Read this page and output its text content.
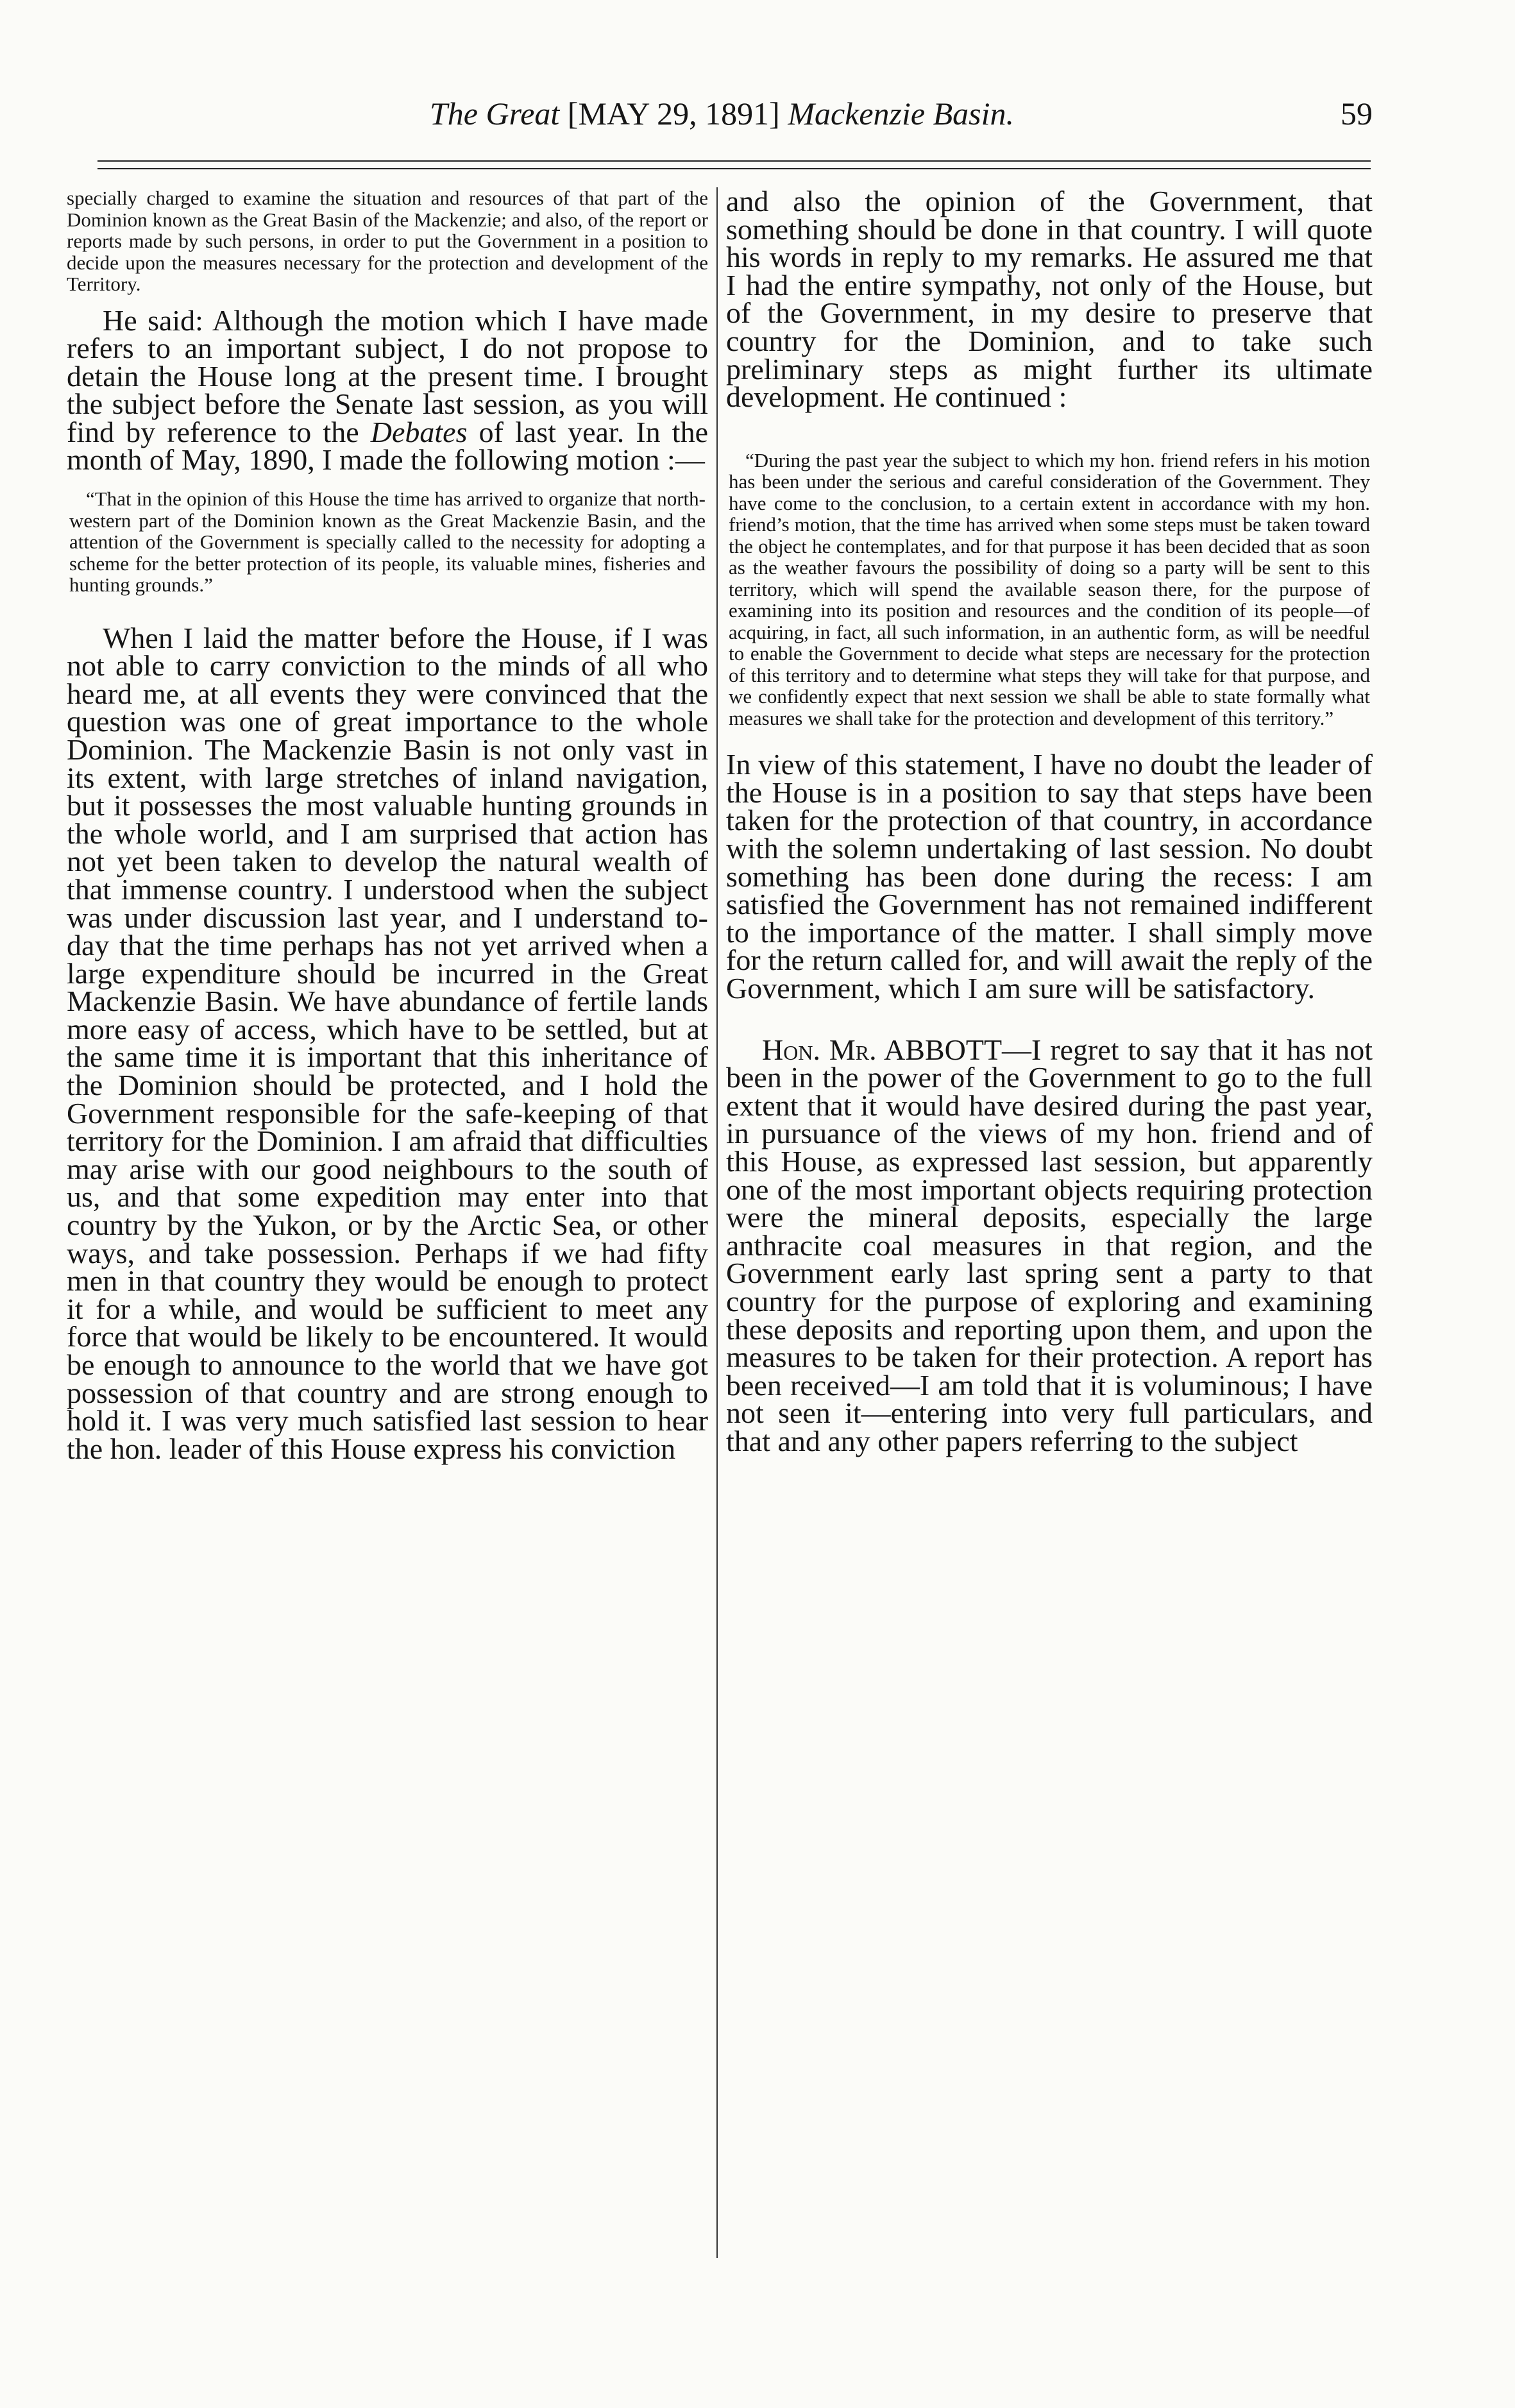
The Great [MAY 29, 1891] Mackenzie Basin.	59

specially charged to examine the situation and resources of that part of the Dominion known as the Great Basin of the Mackenzie; and also, of the report or reports made by such persons, in order to put the Government in a position to decide upon the measures necessary for the protection and development of the Territory.

He said: Although the motion which I have made refers to an important subject, I do not propose to detain the House long at the present time. I brought the subject before the Senate last session, as you will find by reference to the Debates of last year. In the month of May, 1890, I made the following motion :—

“That in the opinion of this House the time has arrived to organize that north-western part of the Dominion known as the Great Mackenzie Basin, and the attention of the Government is specially called to the necessity for adopting a scheme for the better protection of its people, its valuable mines, fisheries and hunting grounds.”

When I laid the matter before the House, if I was not able to carry conviction to the minds of all who heard me, at all events they were convinced that the question was one of great importance to the whole Dominion. The Mackenzie Basin is not only vast in its extent, with large stretches of inland navigation, but it possesses the most valuable hunting grounds in the whole world, and I am surprised that action has not yet been taken to develop the natural wealth of that immense country. I understood when the subject was under discussion last year, and I understand to-day that the time perhaps has not yet arrived when a large expenditure should be incurred in the Great Mackenzie Basin. We have abundance of fertile lands more easy of access, which have to be settled, but at the same time it is important that this inheritance of the Dominion should be protected, and I hold the Government responsible for the safe-keeping of that territory for the Dominion. I am afraid that difficulties may arise with our good neighbours to the south of us, and that some expedition may enter into that country by the Yukon, or by the Arctic Sea, or other ways, and take possession. Perhaps if we had fifty men in that country they would be enough to protect it for a while, and would be sufficient to meet any force that would be likely to be encountered. It would be enough to announce to the world that we have got possession of that country and are strong enough to hold it. I was very much satisfied last session to hear the hon. leader of this House express his conviction

and also the opinion of the Government, that something should be done in that country. I will quote his words in reply to my remarks. He assured me that I had the entire sympathy, not only of the House, but of the Government, in my desire to preserve that country for the Dominion, and to take such preliminary steps as might further its ultimate development. He continued :

“During the past year the subject to which my hon. friend refers in his motion has been under the serious and careful consideration of the Government. They have come to the conclusion, to a certain extent in accordance with my hon. friend’s motion, that the time has arrived when some steps must be taken toward the object he contemplates, and for that purpose it has been decided that as soon as the weather favours the possibility of doing so a party will be sent to this territory, which will spend the available season there, for the purpose of examining into its position and resources and the condition of its people—of acquiring, in fact, all such information, in an authentic form, as will be needful to enable the Government to decide what steps are necessary for the protection of this territory and to determine what steps they will take for that purpose, and we confidently expect that next session we shall be able to state formally what measures we shall take for the protection and development of this territory.”

In view of this statement, I have no doubt the leader of the House is in a position to say that steps have been taken for the protection of that country, in accordance with the solemn undertaking of last session. No doubt something has been done during the recess: I am satisfied the Government has not remained indifferent to the importance of the matter. I shall simply move for the return called for, and will await the reply of the Government, which I am sure will be satisfactory.

Hon. Mr. ABBOTT—I regret to say that it has not been in the power of the Government to go to the full extent that it would have desired during the past year, in pursuance of the views of my hon. friend and of this House, as expressed last session, but apparently one of the most important objects requiring protection were the mineral deposits, especially the large anthracite coal measures in that region, and the Government early last spring sent a party to that country for the purpose of exploring and examining these deposits and reporting upon them, and upon the measures to be taken for their protection. A report has been received—I am told that it is voluminous; I have not seen it—entering into very full particulars, and that and any other papers referring to the subject
